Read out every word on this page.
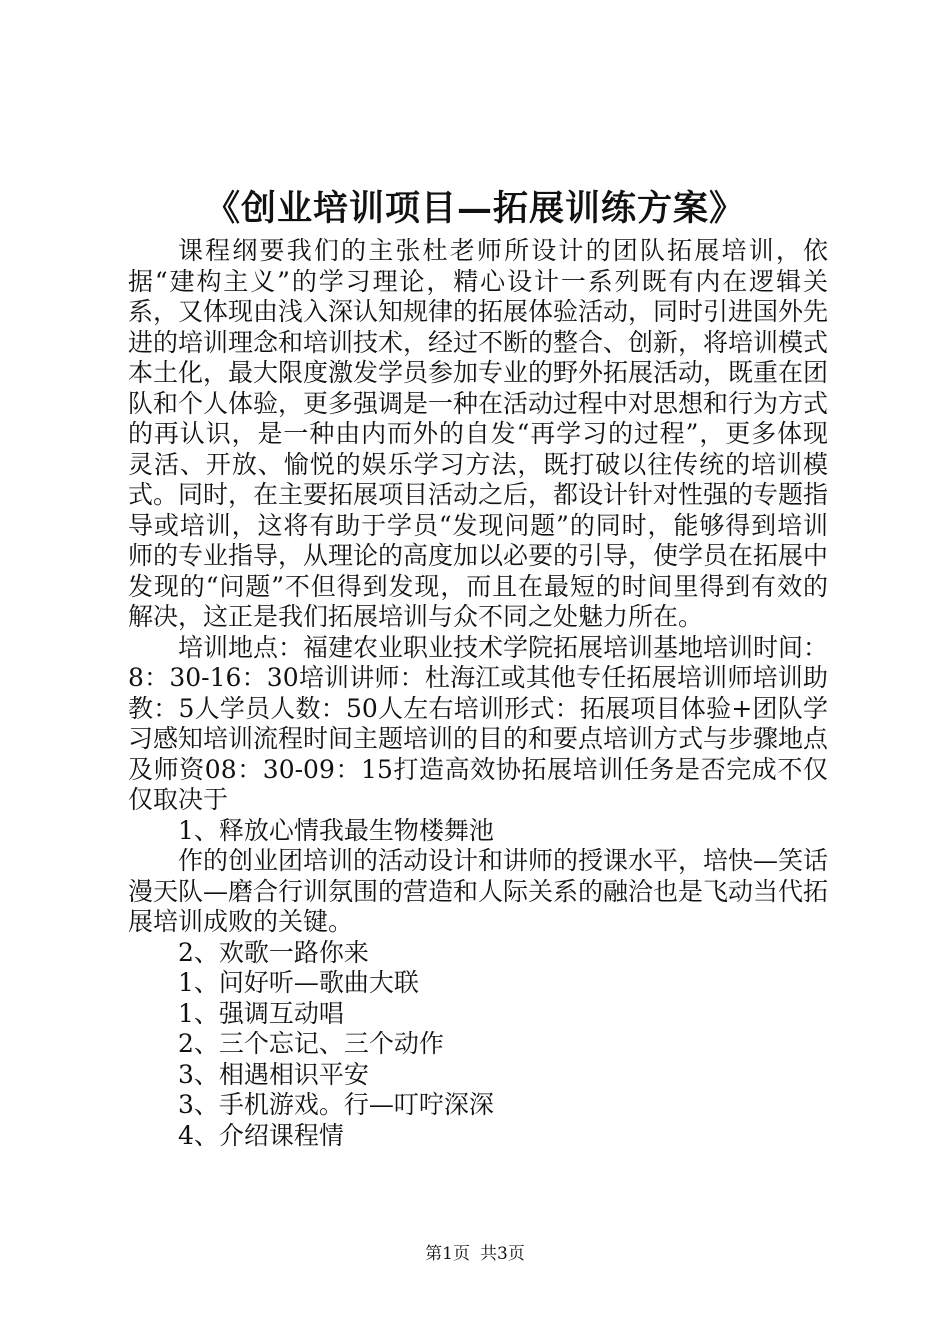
《创业培训项目—拓展训练方案》

课程纲要我们的主张杜老师所设计的团队拓展培训，依据“建构主义”的学习理论，精心设计一系列既有内在逻辑关系，又体现由浅入深认知规律的拓展体验活动，同时引进国外先进的培训理念和培训技术，经过不断的整合、创新，将培训模式本土化，最大限度激发学员参加专业的野外拓展活动，既重在团队和个人体验，更多强调是一种在活动过程中对思想和行为方式的再认识，是一种由内而外的自发“再学习的过程”，更多体现灵活、开放、愉悦的娱乐学习方法，既打破以往传统的培训模式。同时，在主要拓展项目活动之后，都设计针对性强的专题指导或培训，这将有助于学员“发现问题”的同时，能够得到培训师的专业指导，从理论的高度加以必要的引导，使学员在拓展中发现的“问题”不但得到发现，而且在最短的时间里得到有效的解决，这正是我们拓展培训与众不同之处魅力所在。

培训地点：福建农业职业技术学院拓展培训基地培训时间：8：30-16：30培训讲师：杜海江或其他专任拓展培训师培训助教：5人学员人数：50人左右培训形式：拓展项目体验+团队学习感知培训流程时间主题培训的目的和要点培训方式与步骤地点及师资08：30-09：15打造高效协拓展培训任务是否完成不仅仅取决于

1、释放心情我最生物楼舞池

作的创业团培训的活动设计和讲师的授课水平，培快—笑话漫天队—磨合行训氛围的营造和人际关系的融洽也是飞动当代拓展培训成败的关键。

2、欢歌一路你来

1、问好听—歌曲大联

1、强调互动唱

2、三个忘记、三个动作

3、相遇相识平安

3、手机游戏。行—叮咛深深

4、介绍课程情

第1页 共3页
